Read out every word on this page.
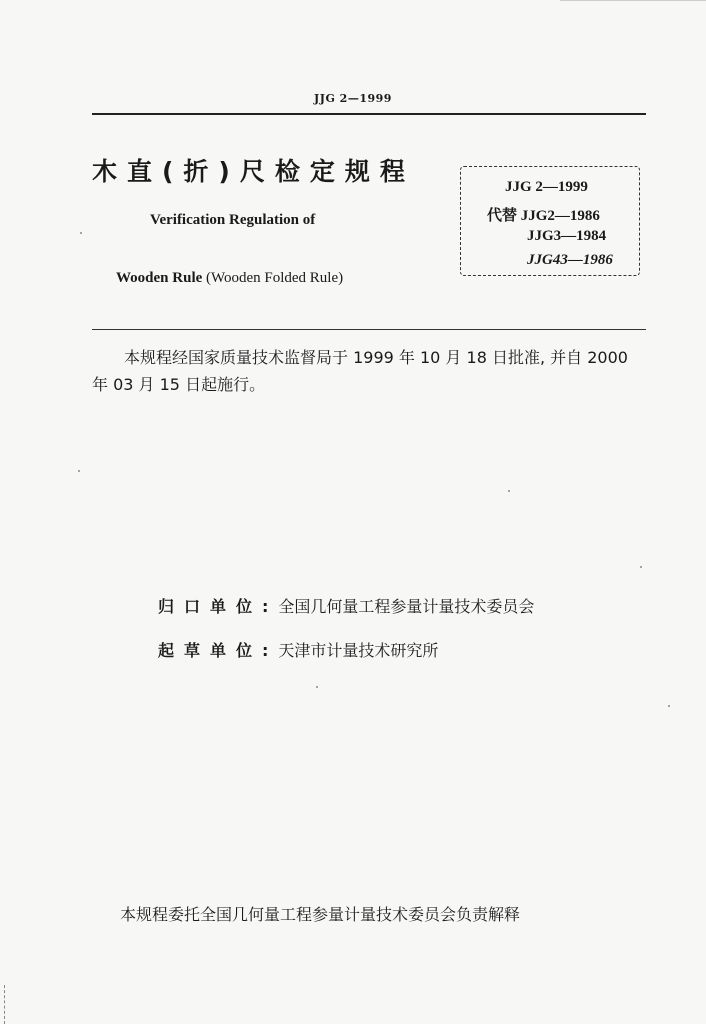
JJG 2—1999
木直(折)尺检定规程
Verification Regulation of
Wooden Rule (Wooden Folded Rule)
JJG 2—1999
代替 JJG2—1986
JJG3—1984
JJG43—1986
本规程经国家质量技术监督局于 1999 年 10 月 18 日批准, 并自 2000 年 03 月 15 日起施行。
归口单位:全国几何量工程参量计量技术委员会
起草单位:天津市计量技术研究所
本规程委托全国几何量工程参量计量技术委员会负责解释
